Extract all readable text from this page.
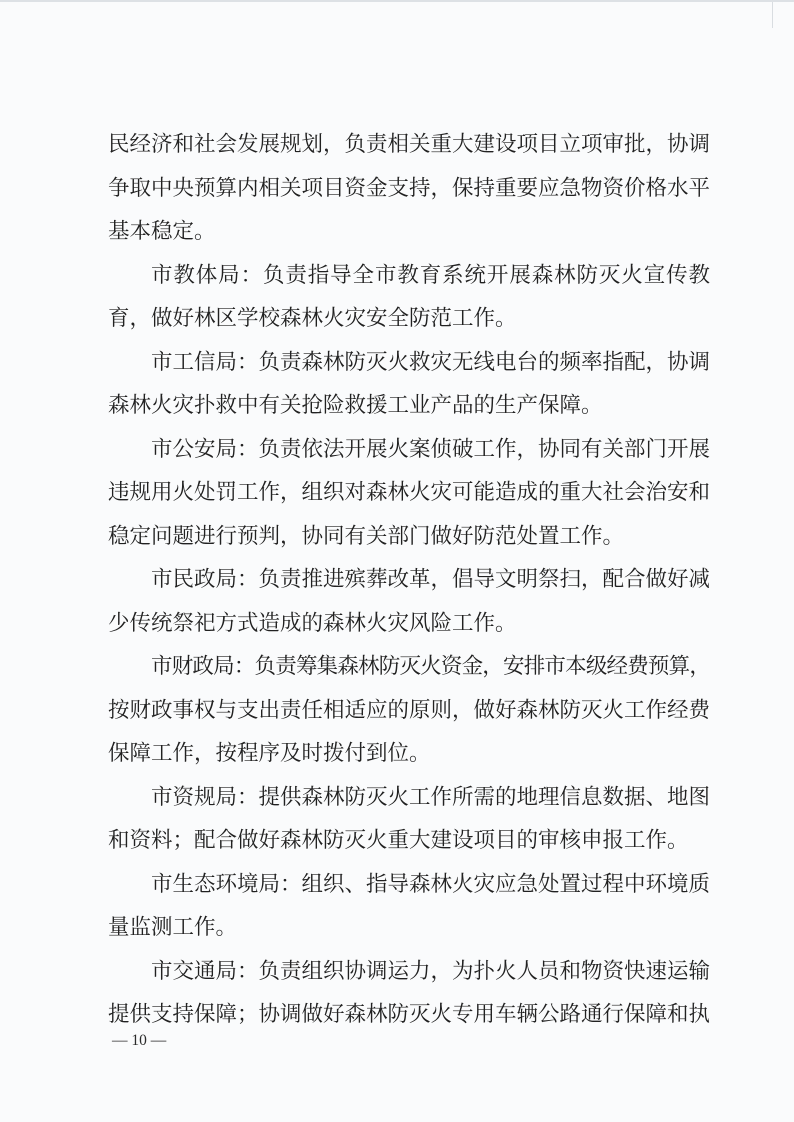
民经济和社会发展规划，负责相关重大建设项目立项审批，协调
争取中央预算内相关项目资金支持，保持重要应急物资价格水平
基本稳定。
市教体局：负责指导全市教育系统开展森林防灭火宣传教
育，做好林区学校森林火灾安全防范工作。
市工信局：负责森林防灭火救灾无线电台的频率指配，协调
森林火灾扑救中有关抢险救援工业产品的生产保障。
市公安局：负责依法开展火案侦破工作，协同有关部门开展
违规用火处罚工作，组织对森林火灾可能造成的重大社会治安和
稳定问题进行预判，协同有关部门做好防范处置工作。
市民政局：负责推进殡葬改革，倡导文明祭扫，配合做好减
少传统祭祀方式造成的森林火灾风险工作。
市财政局：负责筹集森林防灭火资金，安排市本级经费预算，
按财政事权与支出责任相适应的原则，做好森林防灭火工作经费
保障工作，按程序及时拨付到位。
市资规局：提供森林防灭火工作所需的地理信息数据、地图
和资料；配合做好森林防灭火重大建设项目的审核申报工作。
市生态环境局：组织、指导森林火灾应急处置过程中环境质
量监测工作。
市交通局：负责组织协调运力，为扑火人员和物资快速运输
提供支持保障；协调做好森林防灭火专用车辆公路通行保障和执
— 10 —
